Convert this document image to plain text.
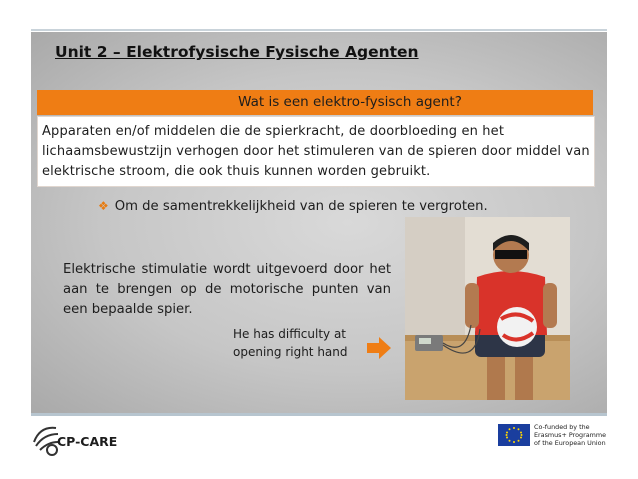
Unit 2 – Elektrofysische Fysische Agenten
Wat is een elektro-fysisch agent?
Apparaten en/of middelen die de spierkracht, de doorbloeding en het lichaamsbewustzijn verhogen door het stimuleren van de spieren door middel van elektrische stroom, die ook thuis kunnen worden gebruikt.
❖ Om de samentrekkelijkheid van de spieren te vergroten.
Elektrische stimulatie wordt uitgevoerd door het aan te brengen op de motorische punten van een bepaalde spier.
He has difficulty at
opening right hand
CP-CARE
Co-funded by the
Erasmus+ Programme
of the European Union
